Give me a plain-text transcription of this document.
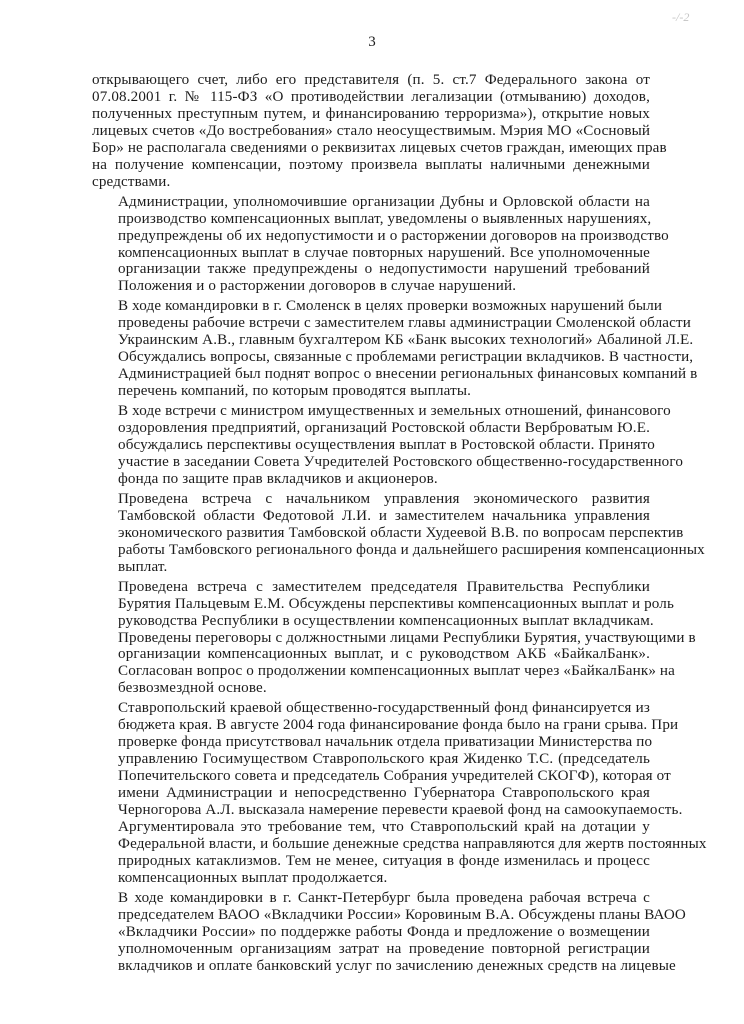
3
-/-2
открывающего счет, либо его представителя (п. 5. ст.7 Федерального закона от
07.08.2001 г. № 115-ФЗ «О противодействии легализации (отмыванию) доходов,
полученных преступным путем, и финансированию терроризма»), открытие новых
лицевых счетов «До востребования» стало неосуществимым. Мэрия МО «Сосновый
Бор» не располагала сведениями о реквизитах лицевых счетов граждан, имеющих прав
на получение компенсации, поэтому произвела выплаты наличными денежными
средствами.
Администрации, уполномочившие организации Дубны и Орловской области на
производство компенсационных выплат, уведомлены о выявленных нарушениях,
предупреждены об их недопустимости и о расторжении договоров на производство
компенсационных выплат в случае повторных нарушений. Все уполномоченные
организации также предупреждены о недопустимости нарушений требований
Положения и о расторжении договоров в случае нарушений.
В ходе командировки в г. Смоленск в целях проверки возможных нарушений были
проведены рабочие встречи с заместителем главы администрации Смоленской области
Украинским А.В., главным бухгалтером КБ «Банк высоких технологий» Абалиной Л.Е.
Обсуждались вопросы, связанные с проблемами регистрации вкладчиков. В частности,
Администрацией был поднят вопрос о внесении региональных финансовых компаний в
перечень компаний, по которым проводятся выплаты.
В ходе встречи с министром имущественных и земельных отношений, финансового
оздоровления предприятий, организаций Ростовской области Верброватым Ю.Е.
обсуждались перспективы осуществления выплат в Ростовской области. Принято
участие в заседании Совета Учредителей Ростовского общественно-государственного
фонда по защите прав вкладчиков и акционеров.
Проведена встреча с начальником управления экономического развития
Тамбовской области Федотовой Л.И. и заместителем начальника управления
экономического развития Тамбовской области Худеевой В.В. по вопросам перспектив
работы Тамбовского регионального фонда и дальнейшего расширения компенсационных
выплат.
Проведена встреча с заместителем председателя Правительства Республики
Бурятия Пальцевым Е.М. Обсуждены перспективы компенсационных выплат и роль
руководства Республики в осуществлении компенсационных выплат вкладчикам.
Проведены переговоры с должностными лицами Республики Бурятия, участвующими в
организации компенсационных выплат, и с руководством АКБ «БайкалБанк».
Согласован вопрос о продолжении компенсационных выплат через «БайкалБанк» на
безвозмездной основе.
Ставропольский краевой общественно-государственный фонд финансируется из
бюджета края. В августе 2004 года финансирование фонда было на грани срыва. При
проверке фонда присутствовал начальник отдела приватизации Министерства по
управлению Госимуществом Ставропольского края Жиденко Т.С. (председатель
Попечительского совета и председатель Собрания учредителей СКОГФ), которая от
имени Администрации и непосредственно Губернатора Ставропольского края
Черногорова А.Л. высказала намерение перевести краевой фонд на самоокупаемость.
Аргументировала это требование тем, что Ставропольский край на дотации у
Федеральной власти, и большие денежные средства направляются для жертв постоянных
природных катаклизмов. Тем не менее, ситуация в фонде изменилась и процесс
компенсационных выплат продолжается.
В ходе командировки в г. Санкт-Петербург была проведена рабочая встреча с
председателем ВАОО «Вкладчики России» Коровиным В.А. Обсуждены планы ВАОО
«Вкладчики России» по поддержке работы Фонда и предложение о возмещении
уполномоченным организациям затрат на проведение повторной регистрации
вкладчиков и оплате банковский услуг по зачислению денежных средств на лицевые
